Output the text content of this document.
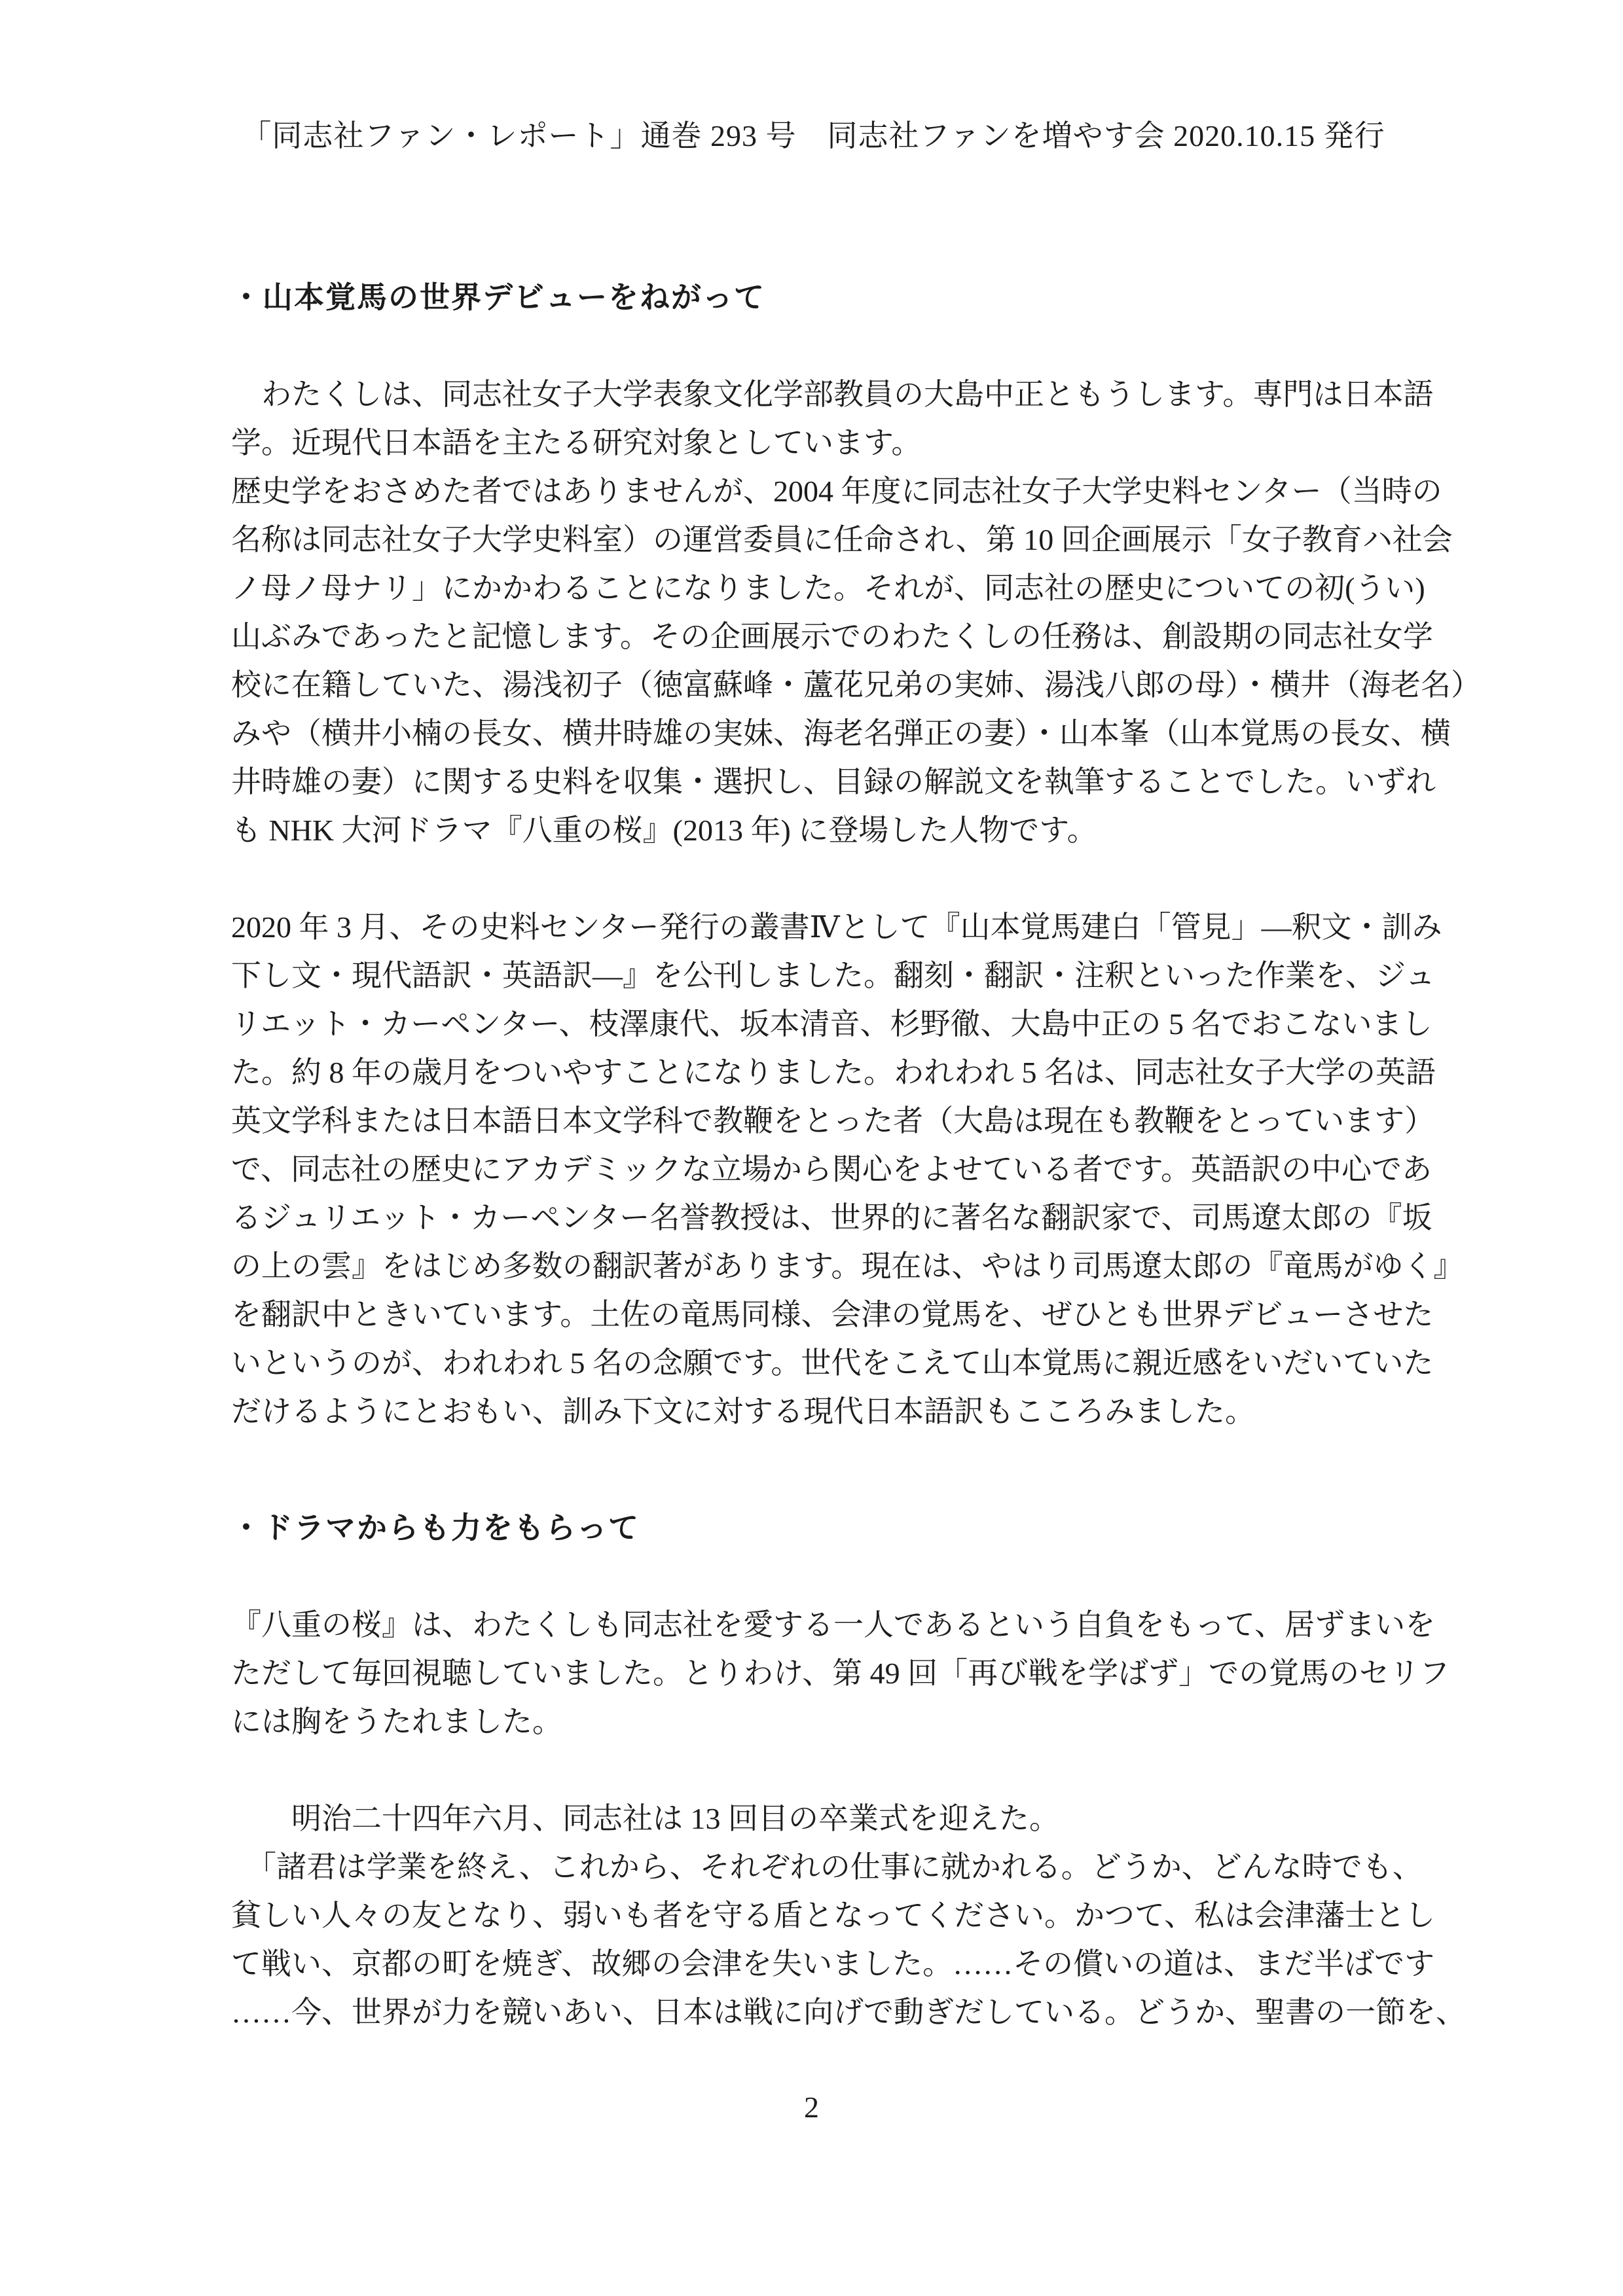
「同志社ファン・レポート」通巻 293 号　同志社ファンを増やす会 2020.10.15 発行
・山本覚馬の世界デビューをねがって
　わたくしは、同志社女子大学表象文化学部教員の大島中正ともうします。専門は日本語
学。近現代日本語を主たる研究対象としています。
歴史学をおさめた者ではありませんが、2004 年度に同志社女子大学史料センター（当時の
名称は同志社女子大学史料室）の運営委員に任命され、第 10 回企画展示「女子教育ハ社会
ノ母ノ母ナリ」にかかわることになりました。それが、同志社の歴史についての初(うい)
山ぶみであったと記憶します。その企画展示でのわたくしの任務は、創設期の同志社女学
校に在籍していた、湯浅初子（徳富蘇峰・蘆花兄弟の実姉、湯浅八郎の母）・横井（海老名）
みや（横井小楠の長女、横井時雄の実妹、海老名弾正の妻）・山本峯（山本覚馬の長女、横
井時雄の妻）に関する史料を収集・選択し、目録の解説文を執筆することでした。いずれ
も NHK 大河ドラマ『八重の桜』(2013 年) に登場した人物です。
2020 年 3 月、その史料センター発行の叢書Ⅳとして『山本覚馬建白「管見」―釈文・訓み
下し文・現代語訳・英語訳―』を公刊しました。翻刻・翻訳・注釈といった作業を、ジュ
リエット・カーペンター、枝澤康代、坂本清音、杉野徹、大島中正の 5 名でおこないまし
た。約 8 年の歳月をついやすことになりました。われわれ 5 名は、同志社女子大学の英語
英文学科または日本語日本文学科で教鞭をとった者（大島は現在も教鞭をとっています）
で、同志社の歴史にアカデミックな立場から関心をよせている者です。英語訳の中心であ
るジュリエット・カーペンター名誉教授は、世界的に著名な翻訳家で、司馬遼太郎の『坂
の上の雲』をはじめ多数の翻訳著があります。現在は、やはり司馬遼太郎の『竜馬がゆく』
を翻訳中ときいています。土佐の竜馬同様、会津の覚馬を、ぜひとも世界デビューさせた
いというのが、われわれ 5 名の念願です。世代をこえて山本覚馬に親近感をいだいていた
だけるようにとおもい、訓み下文に対する現代日本語訳もこころみました。
・ドラマからも力をもらって
『八重の桜』は、わたくしも同志社を愛する一人であるという自負をもって、居ずまいを
ただして毎回視聴していました。とりわけ、第 49 回「再び戦を学ばず」での覚馬のセリフ
には胸をうたれました。
　　明治二十四年六月、同志社は 13 回目の卒業式を迎えた。
　「諸君は学業を終え、これから、それぞれの仕事に就かれる。どうか、どんな時でも、
貧しい人々の友となり、弱いも者を守る盾となってください。かつて、私は会津藩士とし
て戦い、京都の町を焼ぎ、故郷の会津を失いました。……その償いの道は、まだ半ばです
……今、世界が力を競いあい、日本は戦に向げで動ぎだしている。どうか、聖書の一節を、
2
